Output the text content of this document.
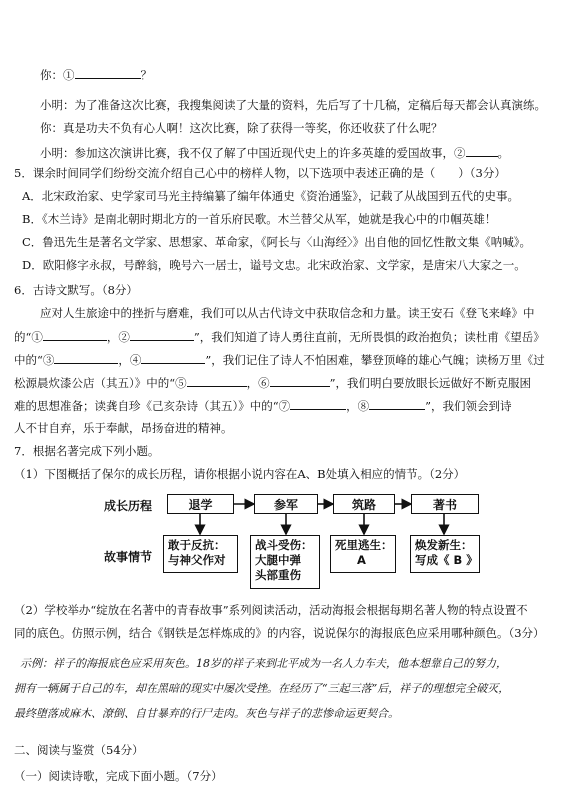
你：①	？
小明：为了准备这次比赛，我搜集阅读了大量的资料，先后写了十几稿，定稿后每天都会认真演练。
你：真是功夫不负有心人啊！这次比赛，除了获得一等奖，你还收获了什么呢？
小明：参加这次演讲比赛，我不仅了解了中国近现代史上的许多英雄的爱国故事，②	。
5．课余时间同学们纷纷交流介绍自己心中的榜样人物，以下选项中表述正确的是（　　）（3分）
A．北宋政治家、史学家司马光主持编纂了编年体通史《资治通鉴》，记载了从战国到五代的史事。
B．《木兰诗》是南北朝时期北方的一首乐府民歌。木兰替父从军，她就是我心中的巾帼英雄！
C．鲁迅先生是著名文学家、思想家、革命家，《阿长与〈山海经〉》出自他的回忆性散文集《呐喊》。
D．欧阳修字永叔，号醉翁，晚号六一居士，谥号文忠。北宋政治家、文学家，是唐宋八大家之一。
6．古诗文默写。（8分）
应对人生旅途中的挫折与磨难，我们可以从古代诗文中获取信念和力量。读王安石《登飞来峰》中
的“①	，②	”，我们知道了诗人勇往直前，无所畏惧的政治抱负；读杜甫《望岳》
中的“③	，④	”，我们记住了诗人不怕困难，攀登顶峰的雄心气魄；读杨万里《过
松源晨炊漆公店（其五）》中的“⑤	，⑥	”，我们明白要放眼长远做好不断克服困
难的思想准备；读龚自珍《己亥杂诗（其五）》中的“⑦	，⑧	”，我们领会到诗
人不甘自弃，乐于奉献，昂扬奋进的精神。
7．根据名著完成下列小题。
（1）下图概括了保尔的成长历程，请你根据小说内容在A、B处填入相应的情节。（2分）
成长历程
故事情节
退学	参军	筑路	著书
敢于反抗：
与神父作对
战斗受伤：
大腿中弹
头部重伤
死里逃生：
A
焕发新生：
写成《 B 》
（2）学校举办“绽放在名著中的青春故事”系列阅读活动，活动海报会根据每期名著人物的特点设置不
同的底色。仿照示例，结合《钢铁是怎样炼成的》的内容，说说保尔的海报底色应采用哪种颜色。（3分）
示例：祥子的海报底色应采用灰色。18岁的祥子来到北平成为一名人力车夫，他本想靠自己的努力，
拥有一辆属于自己的车，却在黑暗的现实中屡次受挫。在经历了“三起三落”后，祥子的理想完全破灭，
最终堕落成麻木、潦倒、自甘暴弃的行尸走肉。灰色与祥子的悲惨命运更契合。
二、阅读与鉴赏（54分）
（一）阅读诗歌，完成下面小题。（7分）
